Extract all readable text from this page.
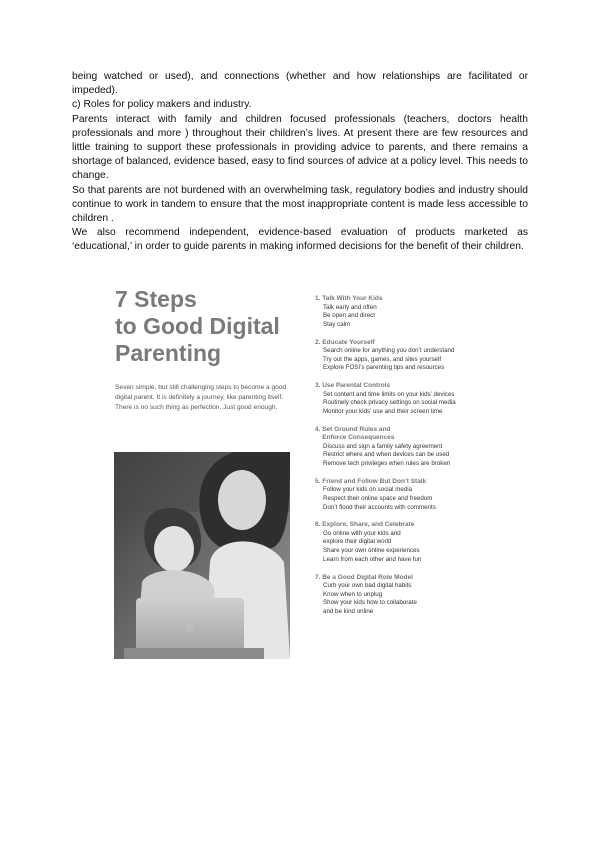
being watched or used), and connections (whether and how relationships are facilitated or impeded).

c) Roles for policy makers and industry.

Parents interact with family and children focused professionals (teachers, doctors health professionals and more ) throughout their children’s lives. At present there are few resources and little training to support these professionals in providing advice to parents, and there remains a shortage of balanced, evidence based, easy to find sources of advice at a policy level. This needs to change.

So that parents are not burdened with an overwhelming task, regulatory bodies and industry should continue to work in tandem to ensure that the most inappropriate content is made less accessible to children .

We also recommend independent, evidence-based evaluation of products marketed as ‘educational,’ in order to guide parents in making informed decisions for the benefit of their children.

7 Steps
to Good Digital
Parenting
Seven simple, but still challenging steps to become a good digital parent. It is definitely a journey, like parenting itself. There is no such thing as perfection. Just good enough.
1. Talk With Your Kids
Talk early and often
Be open and direct
Stay calm
2. Educate Yourself
Search online for anything you don’t understand
Try out the apps, games, and sites yourself
Explore FOSI’s parenting tips and resources
3. Use Parental Controls
Set content and time limits on your kids’ devices
Routinely check privacy settings on social media
Monitor your kids’ use and their screen time
4. Set Ground Rules and
Enforce Consequences
Discuss and sign a family safety agreement
Restrict where and when devices can be used
Remove tech privileges when rules are broken
5. Friend and Follow But Don’t Stalk
Follow your kids on social media
Respect their online space and freedom
Don’t flood their accounts with comments
6. Explore, Share, and Celebrate
Go online with your kids and
explore their digital world
Share your own online experiences
Learn from each other and have fun
7. Be a Good Digital Role Model
Curb your own bad digital habits
Know when to unplug
Show your kids how to collaborate
and be kind online
